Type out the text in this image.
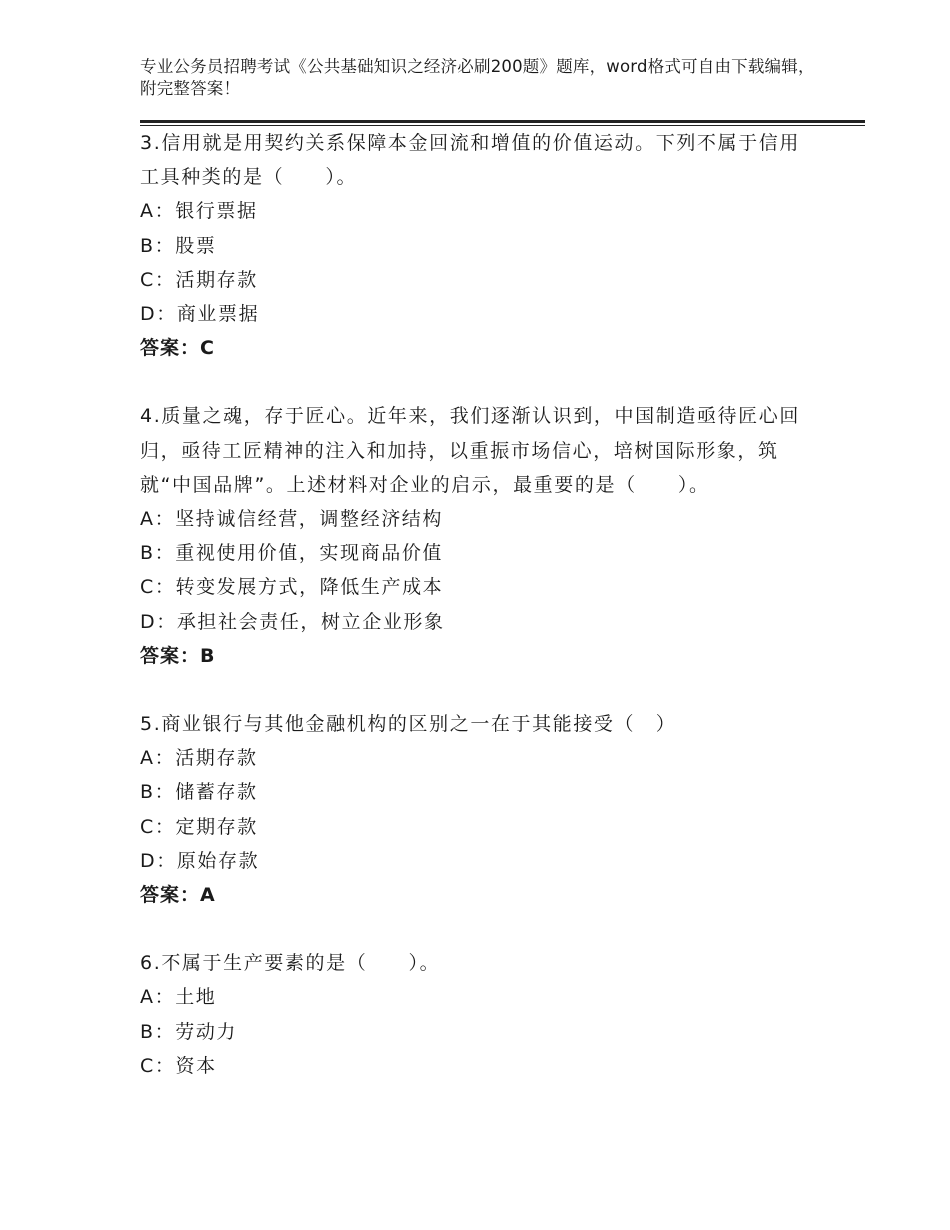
专业公务员招聘考试《公共基础知识之经济必刷200题》题库，word格式可自由下载编辑，附完整答案！
3.信用就是用契约关系保障本金回流和增值的价值运动。下列不属于信用工具种类的是（　　）。
A：银行票据
B：股票
C：活期存款
D：商业票据
答案：C
4.质量之魂，存于匠心。近年来，我们逐渐认识到，中国制造亟待匠心回归，亟待工匠精神的注入和加持，以重振市场信心，培树国际形象，筑就“中国品牌”。上述材料对企业的启示，最重要的是（　　）。
A：坚持诚信经营，调整经济结构
B：重视使用价值，实现商品价值
C：转变发展方式，降低生产成本
D：承担社会责任，树立企业形象
答案：B
5.商业银行与其他金融机构的区别之一在于其能接受（　）
A：活期存款
B：储蓄存款
C：定期存款
D：原始存款
答案：A
6.不属于生产要素的是（　　）。
A：土地
B：劳动力
C：资本
